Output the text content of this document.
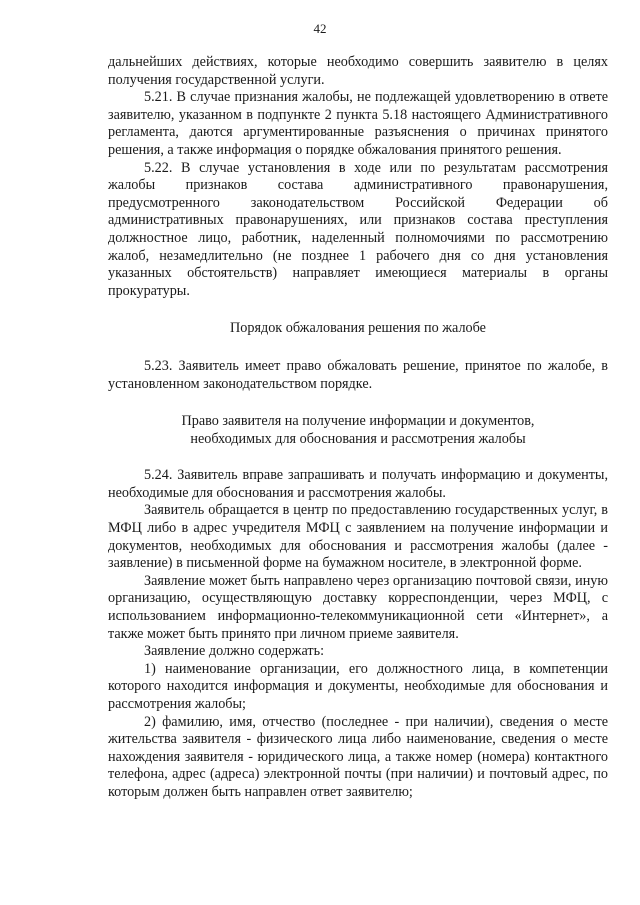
42

дальнейших действиях, которые необходимо совершить заявителю в целях получения государственной услуги.

5.21. В случае признания жалобы, не подлежащей удовлетворению в ответе заявителю, указанном в подпункте 2 пункта 5.18 настоящего Административного регламента, даются аргументированные разъяснения о причинах принятого решения, а также информация о порядке обжалования принятого решения.

5.22. В случае установления в ходе или по результатам рассмотрения жалобы признаков состава административного правонарушения, предусмотренного законодательством Российской Федерации об административных правонарушениях, или признаков состава преступления должностное лицо, работник, наделенный полномочиями по рассмотрению жалоб, незамедлительно (не позднее 1 рабочего дня со дня установления указанных обстоятельств) направляет имеющиеся материалы в органы прокуратуры.

Порядок обжалования решения по жалобе

5.23. Заявитель имеет право обжаловать решение, принятое по жалобе, в установленном законодательством порядке.

Право заявителя на получение информации и документов,

необходимых для обоснования и рассмотрения жалобы

5.24. Заявитель вправе запрашивать и получать информацию и документы, необходимые для обоснования и рассмотрения жалобы.

Заявитель обращается в центр по предоставлению государственных услуг, в МФЦ либо в адрес учредителя МФЦ с заявлением на получение информации и документов, необходимых для обоснования и рассмотрения жалобы (далее - заявление) в письменной форме на бумажном носителе, в электронной форме.

Заявление может быть направлено через организацию почтовой связи, иную организацию, осуществляющую доставку корреспонденции, через МФЦ, с использованием информационно-телекоммуникационной сети «Интернет», а также может быть принято при личном приеме заявителя.

Заявление должно содержать:

1) наименование организации, его должностного лица, в компетенции которого находится информация и документы, необходимые для обоснования и рассмотрения жалобы;

2) фамилию, имя, отчество (последнее - при наличии), сведения о месте жительства заявителя - физического лица либо наименование, сведения о месте нахождения заявителя - юридического лица, а также номер (номера) контактного телефона, адрес (адреса) электронной почты (при наличии) и почтовый адрес, по которым должен быть направлен ответ заявителю;
